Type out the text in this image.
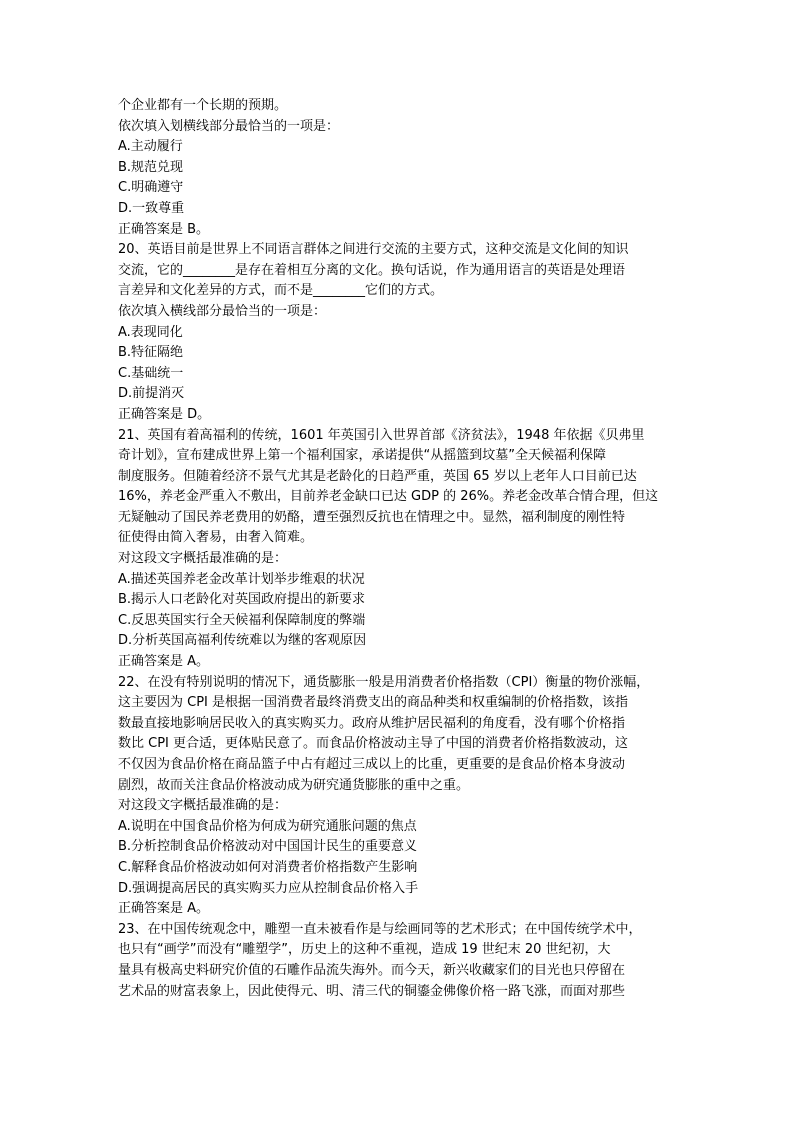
个企业都有一个长期的预期。
依次填入划横线部分最恰当的一项是：
A.主动履行
B.规范兑现
C.明确遵守
D.一致尊重
正确答案是 B。
20、英语目前是世界上不同语言群体之间进行交流的主要方式，这种交流是文化间的知识
交流，它的________是存在着相互分离的文化。换句话说，作为通用语言的英语是处理语
言差异和文化差异的方式，而不是________它们的方式。
依次填入横线部分最恰当的一项是：
A.表现同化
B.特征隔绝
C.基础统一
D.前提消灭
正确答案是 D。
21、英国有着高福利的传统，1601 年英国引入世界首部《济贫法》，1948 年依据《贝弗里
奇计划》，宣布建成世界上第一个福利国家，承诺提供“从摇篮到坟墓”全天候福利保障
制度服务。但随着经济不景气尤其是老龄化的日趋严重，英国 65 岁以上老年人口目前已达
16%，养老金严重入不敷出，目前养老金缺口已达 GDP 的 26%。养老金改革合情合理，但这
无疑触动了国民养老费用的奶酪，遭至强烈反抗也在情理之中。显然，福利制度的刚性特
征使得由简入奢易，由奢入简难。
对这段文字概括最准确的是：
A.描述英国养老金改革计划举步维艰的状况
B.揭示人口老龄化对英国政府提出的新要求
C.反思英国实行全天候福利保障制度的弊端
D.分析英国高福利传统难以为继的客观原因
正确答案是 A。
22、在没有特别说明的情况下，通货膨胀一般是用消费者价格指数（CPI）衡量的物价涨幅，
这主要因为 CPI 是根据一国消费者最终消费支出的商品种类和权重编制的价格指数，该指
数最直接地影响居民收入的真实购买力。政府从维护居民福利的角度看，没有哪个价格指
数比 CPI 更合适，更体贴民意了。而食品价格波动主导了中国的消费者价格指数波动，这
不仅因为食品价格在商品篮子中占有超过三成以上的比重，更重要的是食品价格本身波动
剧烈，故而关注食品价格波动成为研究通货膨胀的重中之重。
对这段文字概括最准确的是：
A.说明在中国食品价格为何成为研究通胀问题的焦点
B.分析控制食品价格波动对中国国计民生的重要意义
C.解释食品价格波动如何对消费者价格指数产生影响
D.强调提高居民的真实购买力应从控制食品价格入手
正确答案是 A。
23、在中国传统观念中，雕塑一直未被看作是与绘画同等的艺术形式；在中国传统学术中，
也只有“画学”而没有“雕塑学”，历史上的这种不重视，造成 19 世纪末 20 世纪初，大
量具有极高史料研究价值的石雕作品流失海外。而今天，新兴收藏家们的目光也只停留在
艺术品的财富表象上，因此使得元、明、清三代的铜鎏金佛像价格一路飞涨，而面对那些
